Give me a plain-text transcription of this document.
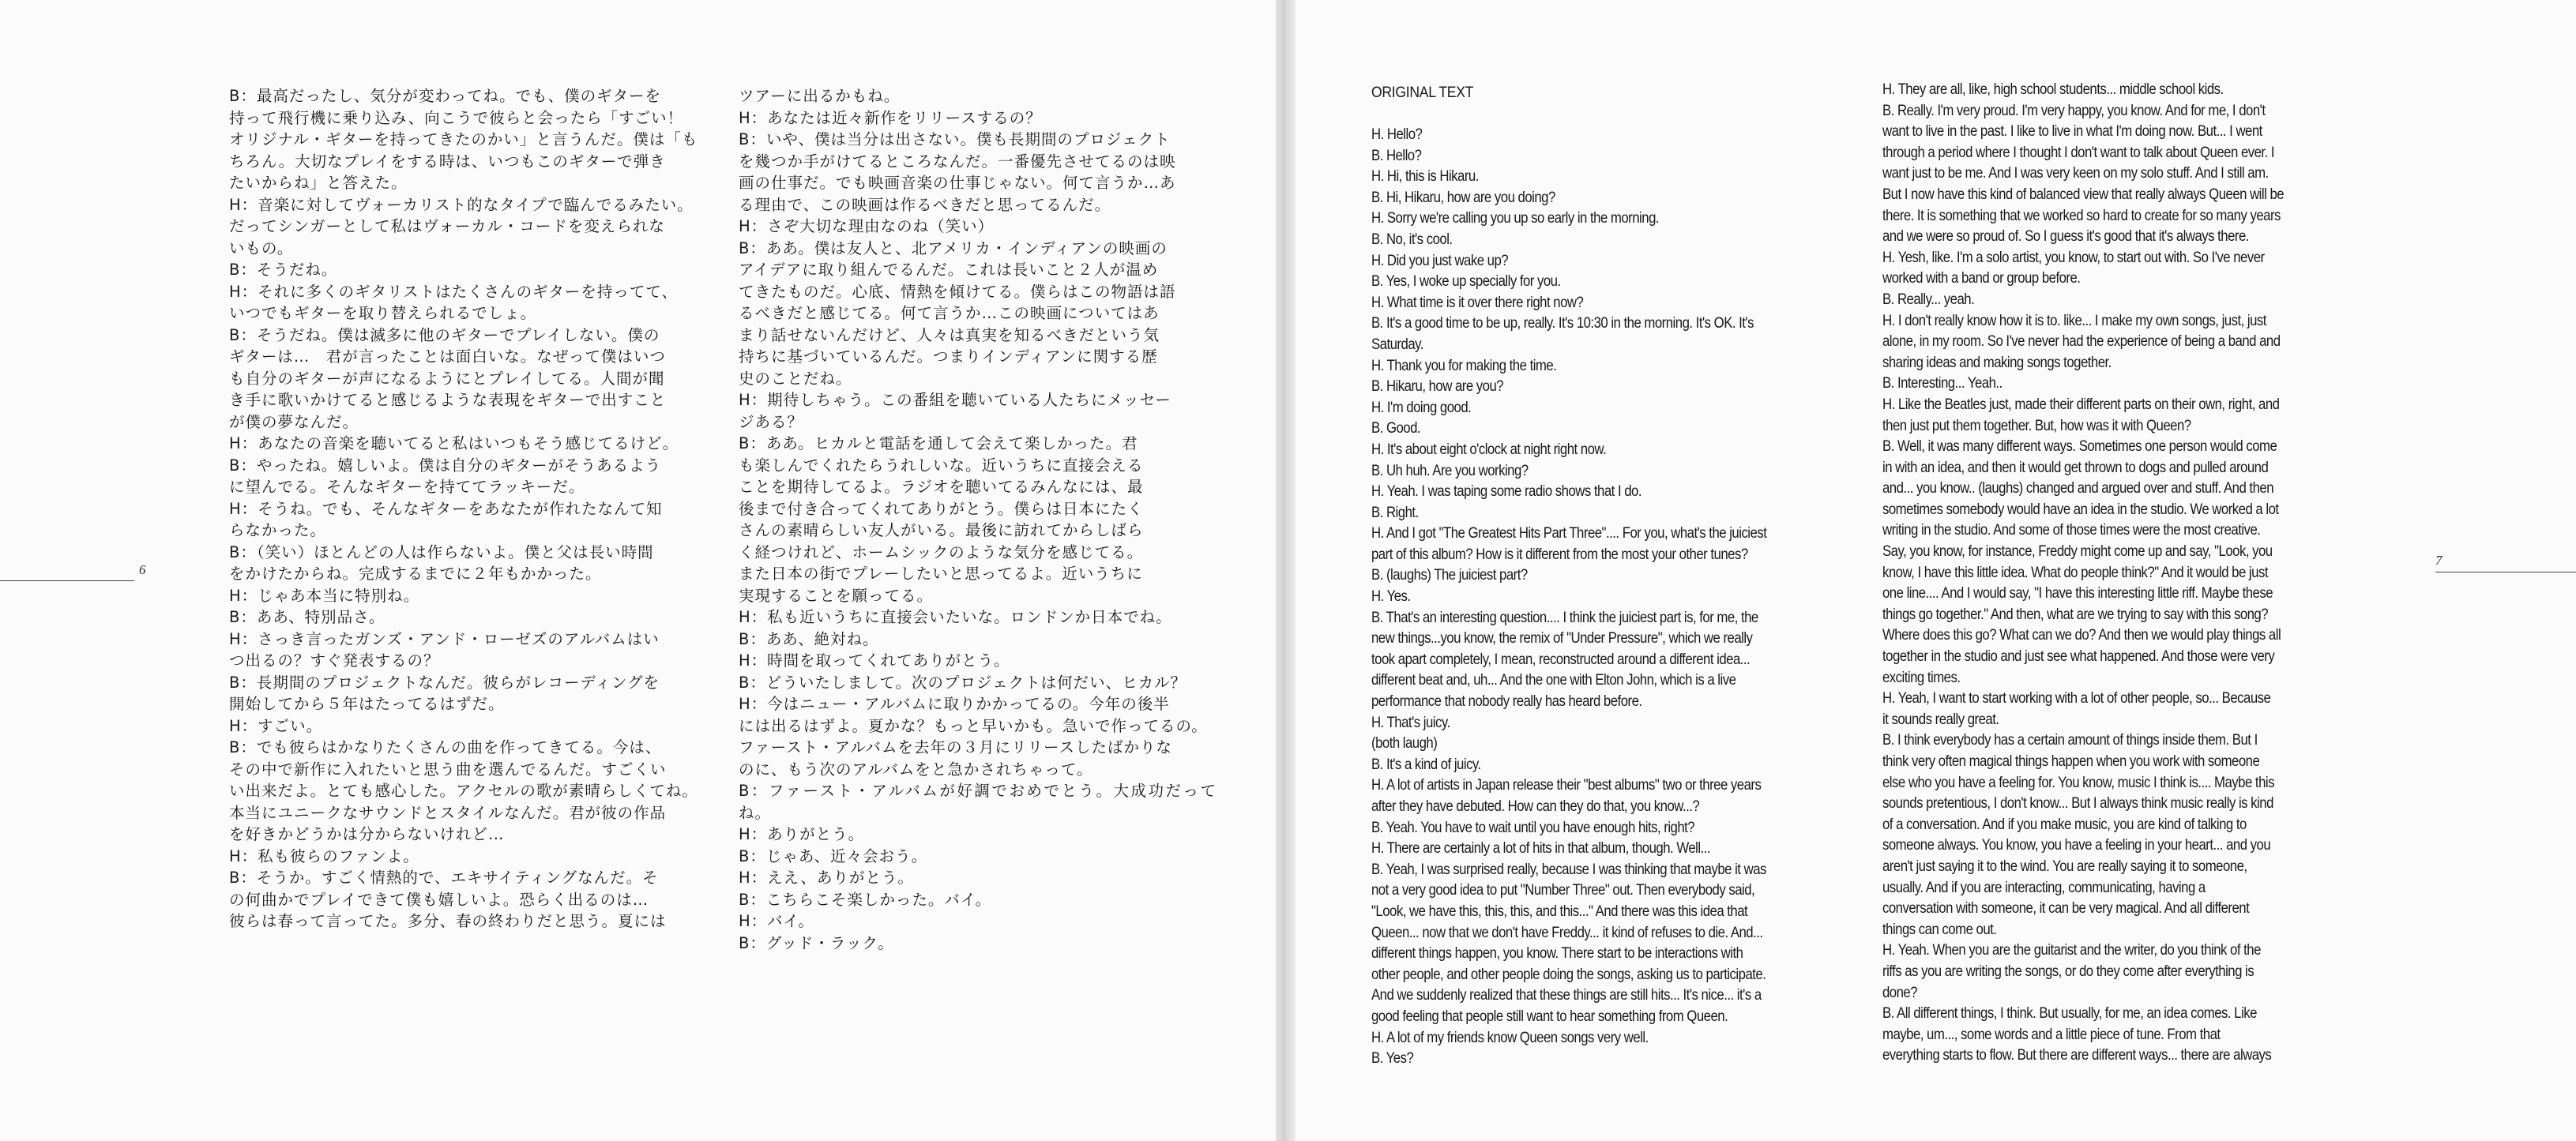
6

B：最高だったし、気分が変わってね。でも、僕のギターを

持って飛行機に乗り込み、向こうで彼らと会ったら「すごい！

オリジナル・ギターを持ってきたのかい」と言うんだ。僕は「も

ちろん。大切なプレイをする時は、いつもこのギターで弾き

たいからね」と答えた。

H：音楽に対してヴォーカリスト的なタイプで臨んでるみたい。

だってシンガーとして私はヴォーカル・コードを変えられな

いもの。

B：そうだね。

H：それに多くのギタリストはたくさんのギターを持ってて、

いつでもギターを取り替えられるでしょ。

B：そうだね。僕は滅多に他のギターでプレイしない。僕の

ギターは…　君が言ったことは面白いな。なぜって僕はいつ

も自分のギターが声になるようにとプレイしてる。人間が聞

き手に歌いかけてると感じるような表現をギターで出すこと

が僕の夢なんだ。

H：あなたの音楽を聴いてると私はいつもそう感じてるけど。

B：やったね。嬉しいよ。僕は自分のギターがそうあるよう

に望んでる。そんなギターを持ててラッキーだ。

H：そうね。でも、そんなギターをあなたが作れたなんて知

らなかった。

B：（笑い）ほとんどの人は作らないよ。僕と父は長い時間

をかけたからね。完成するまでに２年もかかった。

H：じゃあ本当に特別ね。

B：ああ、特別品さ。

H：さっき言ったガンズ・アンド・ローゼズのアルバムはい

つ出るの？すぐ発表するの？

B：長期間のプロジェクトなんだ。彼らがレコーディングを

開始してから５年はたってるはずだ。

H：すごい。

B：でも彼らはかなりたくさんの曲を作ってきてる。今は、

その中で新作に入れたいと思う曲を選んでるんだ。すごくい

い出来だよ。とても感心した。アクセルの歌が素晴らしくてね。

本当にユニークなサウンドとスタイルなんだ。君が彼の作品

を好きかどうかは分からないけれど…

H：私も彼らのファンよ。

B：そうか。すごく情熱的で、エキサイティングなんだ。そ

の何曲かでプレイできて僕も嬉しいよ。恐らく出るのは…

彼らは春って言ってた。多分、春の終わりだと思う。夏には

ツアーに出るかもね。

H：あなたは近々新作をリリースするの？

B：いや、僕は当分は出さない。僕も長期間のプロジェクト

を幾つか手がけてるところなんだ。一番優先させてるのは映

画の仕事だ。でも映画音楽の仕事じゃない。何て言うか…あ

る理由で、この映画は作るべきだと思ってるんだ。

H：さぞ大切な理由なのね（笑い）

B：ああ。僕は友人と、北アメリカ・インディアンの映画の

アイデアに取り組んでるんだ。これは長いこと２人が温め

てきたものだ。心底、情熱を傾けてる。僕らはこの物語は語

るべきだと感じてる。何て言うか…この映画についてはあ

まり話せないんだけど、人々は真実を知るべきだという気

持ちに基づいているんだ。つまりインディアンに関する歴

史のことだね。

H：期待しちゃう。この番組を聴いている人たちにメッセー

ジある？

B：ああ。ヒカルと電話を通して会えて楽しかった。君

も楽しんでくれたらうれしいな。近いうちに直接会える

ことを期待してるよ。ラジオを聴いてるみんなには、最

後まで付き合ってくれてありがとう。僕らは日本にたく

さんの素晴らしい友人がいる。最後に訪れてからしばら

く経つけれど、ホームシックのような気分を感じてる。

また日本の街でプレーしたいと思ってるよ。近いうちに

実現することを願ってる。

H：私も近いうちに直接会いたいな。ロンドンか日本でね。

B：ああ、絶対ね。

H：時間を取ってくれてありがとう。

B：どういたしまして。次のプロジェクトは何だい、ヒカル？

H：今はニュー・アルバムに取りかかってるの。今年の後半

には出るはずよ。夏かな？もっと早いかも。急いで作ってるの。

ファースト・アルバムを去年の３月にリリースしたばかりな

のに、もう次のアルバムをと急かされちゃって。

B：ファースト・アルバムが好調でおめでとう。大成功だってね。

H：ありがとう。

B：じゃあ、近々会おう。

H：ええ、ありがとう。

B：こちらこそ楽しかった。バイ。

H：バイ。

B：グッド・ラック。

ORIGINAL TEXT

H. Hello?

B. Hello?

H. Hi, this is Hikaru.

B. Hi, Hikaru, how are you doing?

H. Sorry we're calling you up so early in the morning.

B. No, it's cool.

H. Did you just wake up?

B. Yes, I woke up specially for you.

H. What time is it over there right now?

B. It's a good time to be up, really. It's 10:30 in the morning. It's OK. It's

Saturday.

H. Thank you for making the time.

B. Hikaru, how are you?

H. I'm doing good.

B. Good.

H. It's about eight o'clock at night right now.

B. Uh huh. Are you working?

H. Yeah. I was taping some radio shows that I do.

B. Right.

H. And I got "The Greatest Hits Part Three".... For you, what's the juiciest

part of this album? How is it different from the most your other tunes?

B. (laughs) The juiciest part?

H. Yes.

B. That's an interesting question.... I think the juiciest part is, for me, the

new things...you know, the remix of "Under Pressure", which we really

took apart completely, I mean, reconstructed around a different idea...

different beat and, uh... And the one with Elton John, which is a live

performance that nobody really has heard before.

H. That's juicy.

(both laugh)

B. It's a kind of juicy.

H. A lot of artists in Japan release their "best albums" two or three years

after they have debuted. How can they do that, you know...?

B. Yeah. You have to wait until you have enough hits, right?

H. There are certainly a lot of hits in that album, though. Well...

B. Yeah, I was surprised really, because I was thinking that maybe it was

not a very good idea to put "Number Three" out. Then everybody said,

"Look, we have this, this, this, and this..." And there was this idea that

Queen... now that we don't have Freddy... it kind of refuses to die. And...

different things happen, you know. There start to be interactions with

other people, and other people doing the songs, asking us to participate.

And we suddenly realized that these things are still hits... It's nice... it's a

good feeling that people still want to hear something from Queen.

H. A lot of my friends know Queen songs very well.

B. Yes?

H. They are all, like, high school students... middle school kids.

B. Really. I'm very proud. I'm very happy, you know. And for me, I don't

want to live in the past. I like to live in what I'm doing now. But... I went

through a period where I thought I don't want to talk about Queen ever. I

want just to be me. And I was very keen on my solo stuff. And I still am.

But I now have this kind of balanced view that really always Queen will be

there. It is something that we worked so hard to create for so many years

and we were so proud of. So I guess it's good that it's always there.

H. Yesh, like. I'm a solo artist, you know, to start out with. So I've never

worked with a band or group before.

B. Really... yeah.

H. I don't really know how it is to. like... I make my own songs, just, just

alone, in my room. So I've never had the experience of being a band and

sharing ideas and making songs together.

B. Interesting... Yeah..

H. Like the Beatles just, made their different parts on their own, right, and

then just put them together. But, how was it with Queen?

B. Well, it was many different ways. Sometimes one person would come

in with an idea, and then it would get thrown to dogs and pulled around

and... you know.. (laughs) changed and argued over and stuff. And then

sometimes somebody would have an idea in the studio. We worked a lot

writing in the studio. And some of those times were the most creative.

Say, you know, for instance, Freddy might come up and say, "Look, you

know, I have this little idea. What do people think?" And it would be just

one line.... And I would say, "I have this interesting little riff. Maybe these

things go together." And then, what are we trying to say with this song?

Where does this go? What can we do? And then we would play things all

together in the studio and just see what happened. And those were very

exciting times.

H. Yeah, I want to start working with a lot of other people, so... Because

it sounds really great.

B. I think everybody has a certain amount of things inside them. But I

think very often magical things happen when you work with someone

else who you have a feeling for. You know, music I think is.... Maybe this

sounds pretentious, I don't know... But I always think music really is kind

of a conversation. And if you make music, you are kind of talking to

someone always. You know, you have a feeling in your heart... and you

aren't just saying it to the wind. You are really saying it to someone,

usually. And if you are interacting, communicating, having a

conversation with someone, it can be very magical. And all different

things can come out.

H. Yeah. When you are the guitarist and the writer, do you think of the

riffs as you are writing the songs, or do they come after everything is

done?

B. All different things, I think. But usually, for me, an idea comes. Like

maybe, um..., some words and a little piece of tune. From that

everything starts to flow. But there are different ways... there are always

7
